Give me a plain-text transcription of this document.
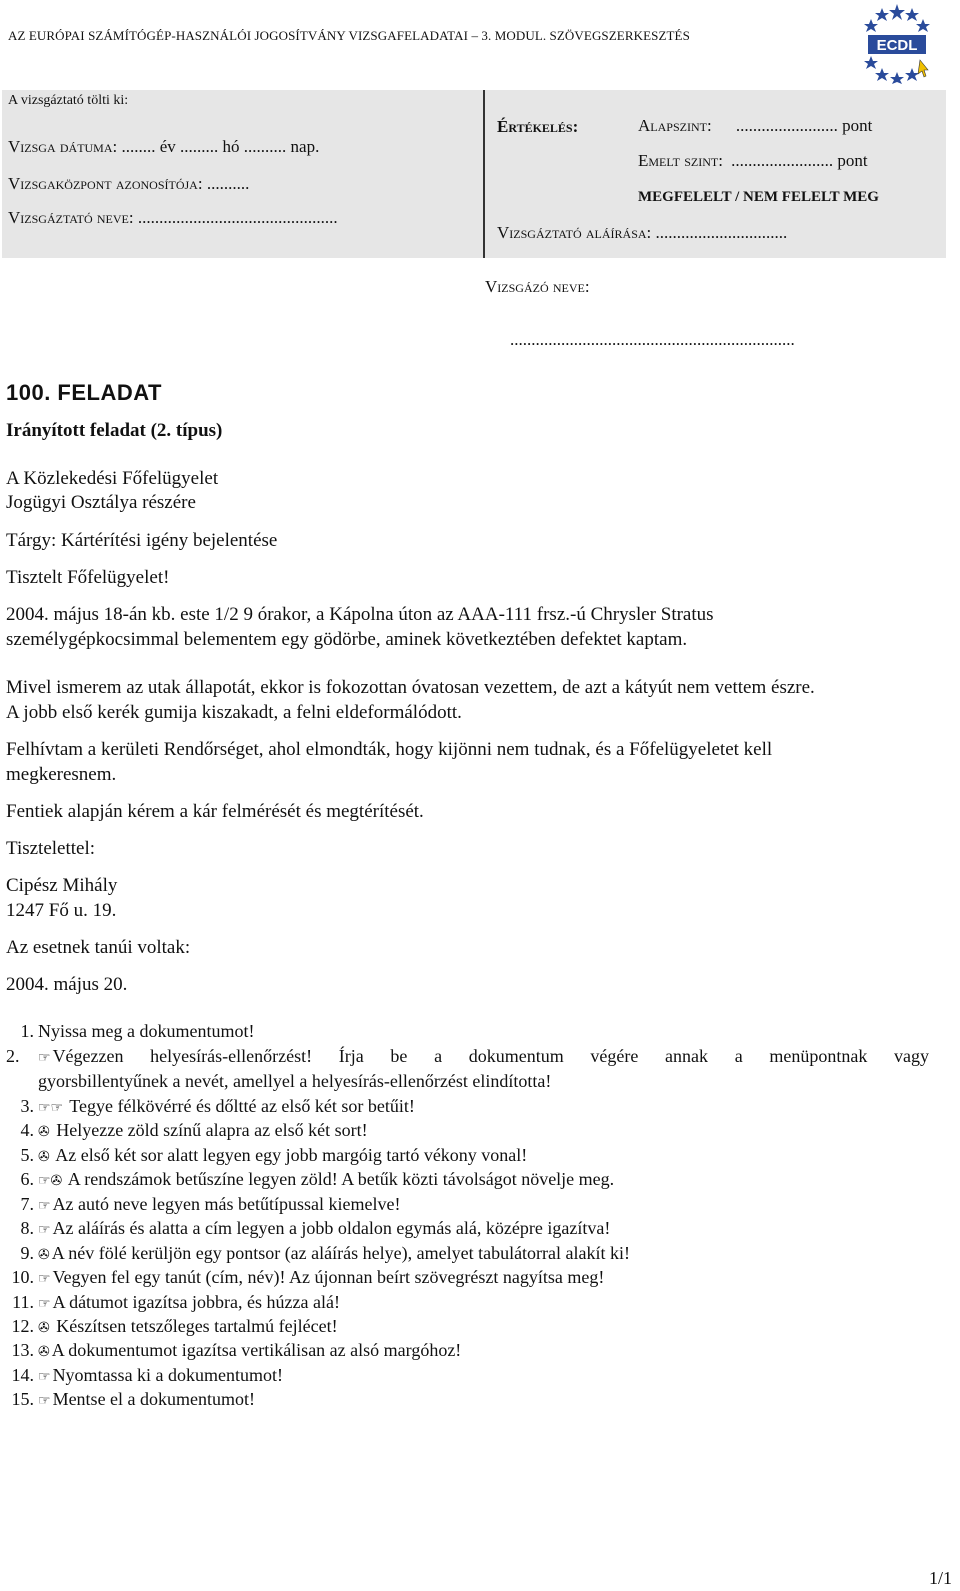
AZ EURÓPAI SZÁMÍTÓGÉP-HASZNÁLÓI JOGOSÍTVÁNY VIZSGAFELADATAI – 3. MODUL. SZÖVEGSZERKESZTÉS
ECDL
A vizsgáztató tölti ki:
Vizsga dátuma: ........ év ......... hó .......... nap.
Vizsgaközpont azonosítója: ..........
Vizsgáztató neve: ...............................................
Értékelés:	Alapszint: ........................ pont
Emelt szint: ........................ pont
MEGFELELT / NEM FELELT MEG
Vizsgáztató aláírása: ...............................
Vizsgázó neve:
...................................................................
100. FELADAT
Irányított feladat (2. típus)
A Közlekedési Főfelügyelet
Jogügyi Osztálya részére
Tárgy: Kártérítési igény bejelentése
Tisztelt Főfelügyelet!
2004. május 18-án kb. este 1/2 9 órakor, a Kápolna úton az AAA-111 frsz.-ú Chrysler Stratus
személygépkocsimmal belementem egy gödörbe, aminek következtében defektet kaptam.
Mivel ismerem az utak állapotát, ekkor is fokozottan óvatosan vezettem, de azt a kátyút nem vettem észre.
A jobb első kerék gumija kiszakadt, a felni eldeformálódott.
Felhívtam a kerületi Rendőrséget, ahol elmondták, hogy kijönni nem tudnak, és a Főfelügyeletet kell
megkeresnem.
Fentiek alapján kérem a kár felmérését és megtérítését.
Tisztelettel:
Cipész Mihály
1247 Fő u. 19.
Az esetnek tanúi voltak:
2004. május 20.
1. Nyissa meg a dokumentumot!
2. ☞ Végezzen helyesírás-ellenőrzést! Írja be a dokumentum végére annak a menüpontnak vagy
gyorsbillentyűnek a nevét, amellyel a helyesírás-ellenőrzést elindította!
3. ☞☞ Tegye félkövérré és dőltté az első két sor betűit!
4. ✇ Helyezze zöld színű alapra az első két sort!
5. ✇ Az első két sor alatt legyen egy jobb margóig tartó vékony vonal!
6. ☞✇ A rendszámok betűszíne legyen zöld! A betűk közti távolságot növelje meg.
7. ☞ Az autó neve legyen más betűtípussal kiemelve!
8. ☞ Az aláírás és alatta a cím legyen a jobb oldalon egymás alá, középre igazítva!
9. ✇ A név fölé kerüljön egy pontsor (az aláírás helye), amelyet tabulátorral alakít ki!
10. ☞ Vegyen fel egy tanút (cím, név)! Az újonnan beírt szövegrészt nagyítsa meg!
11. ☞ A dátumot igazítsa jobbra, és húzza alá!
12. ✇ Készítsen tetszőleges tartalmú fejlécet!
13. ✇ A dokumentumot igazítsa vertikálisan az alsó margóhoz!
14. ☞ Nyomtassa ki a dokumentumot!
15. ☞ Mentse el a dokumentumot!
1/1
